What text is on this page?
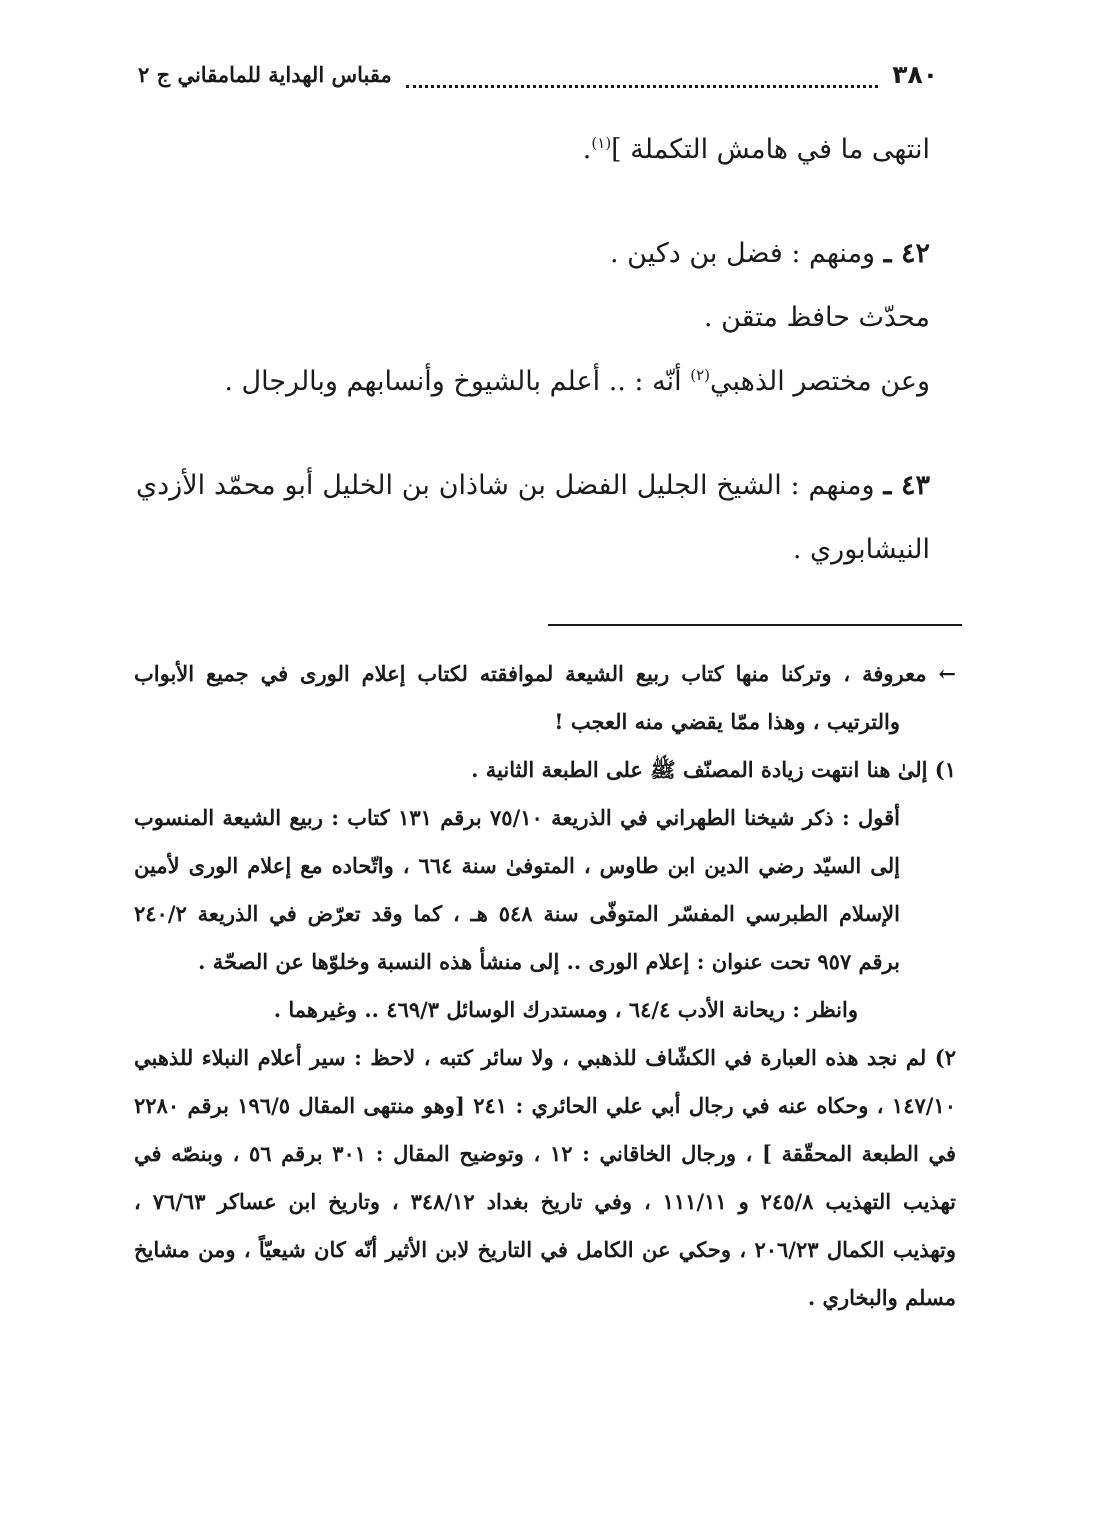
٣٨٠
مقباس الهداية للمامقاني ج ٢

انتهى ما في هامش التكملة ]$^{(١)}$.

٤٢ ـ ومنهم : فضل بن دكين .

محدّث حافظ متقن .

وعن مختصر الذهبي$^{(٢)}$ أنّه : .. أعلم بالشيوخ وأنسابهم وبالرجال .

٤٣ ـ ومنهم : الشيخ الجليل الفضل بن شاذان بن الخليل أبو محمّد الأزدي النيشابوري .

← معروفة ، وتركنا منها كتاب ربيع الشيعة لموافقته لكتاب إعلام الورى في جميع الأبواب والترتيب ، وهذا ممّا يقضي منه العجب !

١) إلىٰ هنا انتهت زيادة المصنّف ﷺ على الطبعة الثانية .

أقول : ذكر شيخنا الطهراني في الذريعة ٧٥/١٠ برقم ١٣١ كتاب : ربيع الشيعة المنسوب إلى السيّد رضي الدين ابن طاوس ، المتوفىٰ سنة ٦٦٤ ، واتّحاده مع إعلام الورى لأمين الإسلام الطبرسي المفسّر المتوفّى سنة ٥٤٨ هـ ، كما وقد تعرّض في الذريعة ٢٤٠/٢ برقم ٩٥٧ تحت عنوان : إعلام الورى .. إلى منشأ هذه النسبة وخلوّها عن الصحّة .

وانظر : ريحانة الأدب ٦٤/٤ ، ومستدرك الوسائل ٤٦٩/٣ .. وغيرهما .

٢) لم نجد هذه العبارة في الكشّاف للذهبي ، ولا سائر كتبه ، لاحظ : سير أعلام النبلاء للذهبي ١٤٧/١٠ ، وحكاه عنه في رجال أبي علي الحائري : ٢٤١ [وهو منتهى المقال ١٩٦/٥ برقم ٢٢٨٠ في الطبعة المحقّقة ] ، ورجال الخاقاني : ١٢ ، وتوضيح المقال : ٣٠١ برقم ٥٦ ، وبنصّه في تهذيب التهذيب ٢٤٥/٨ و ١١١/١١ ، وفي تاريخ بغداد ٣٤٨/١٢ ، وتاريخ ابن عساكر ٧٦/٦٣ ، وتهذيب الكمال ٢٠٦/٢٣ ، وحكي عن الكامل في التاريخ لابن الأثير أنّه كان شيعيّاً ، ومن مشايخ مسلم والبخاري .
